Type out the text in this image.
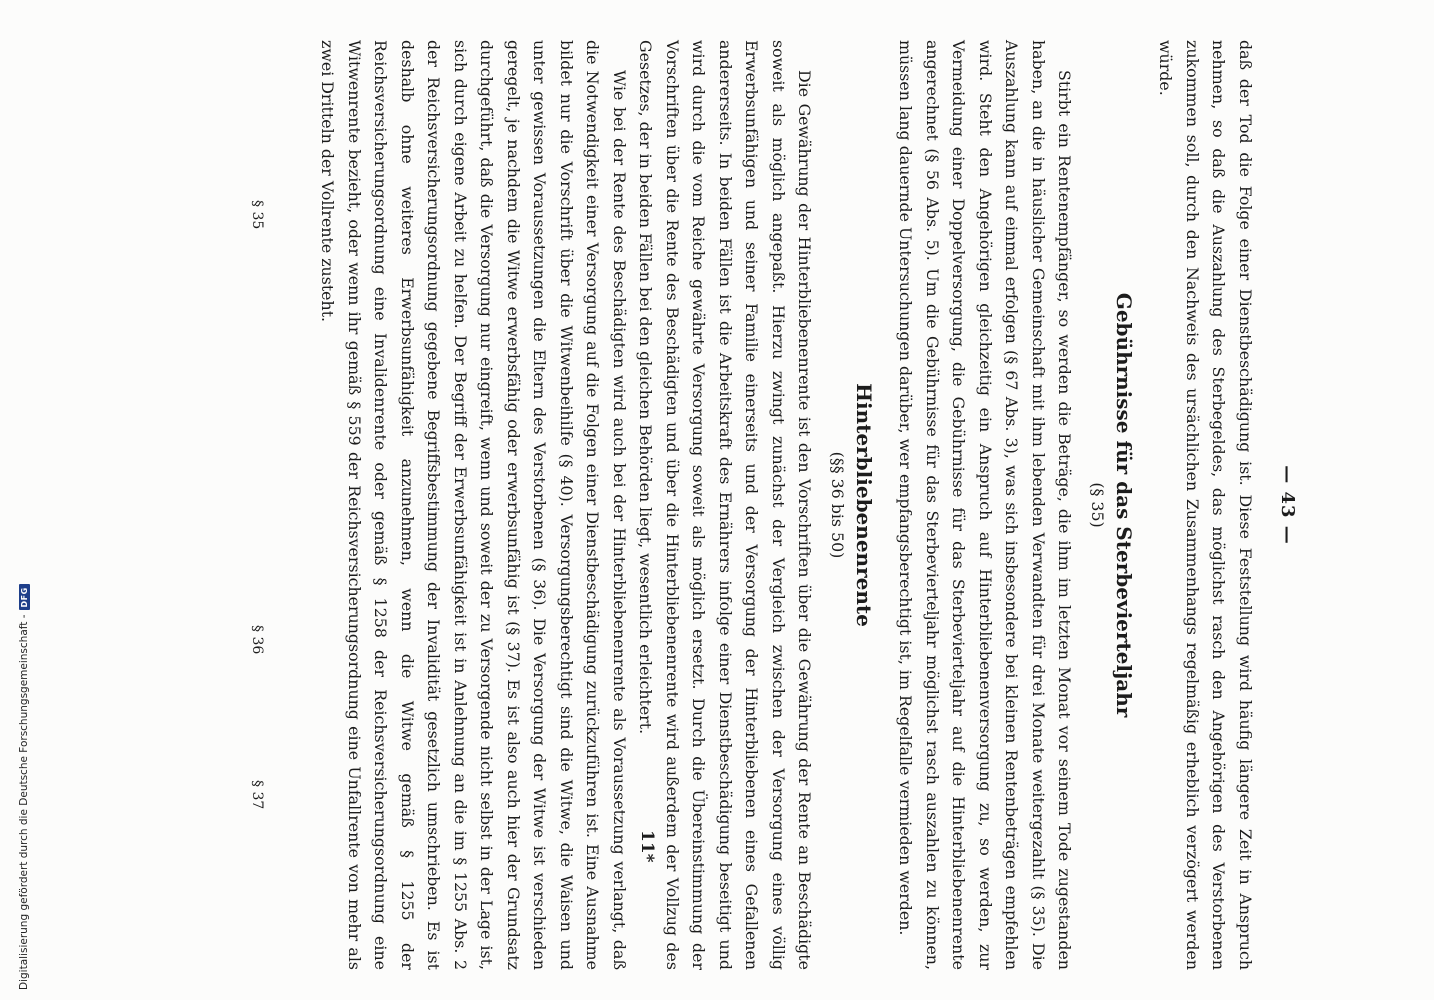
— 43 —

daß der Tod die Folge einer Dienstbeschädigung ist. Diese Feststellung wird häufig längere Zeit in Anspruch nehmen, so daß die Auszahlung des Sterbegeldes, das möglichst rasch den Angehörigen des Verstorbenen zukommen soll, durch den Nachweis des ursächlichen Zusammenhangs regelmäßig erheblich verzögert werden würde.

Gebührnisse für das Sterbevierteljahr
(§ 35)

Stirbt ein Rentenempfänger, so werden die Beträge, die ihm im letzten Monat vor seinem Tode zugestanden haben, an die in häuslicher Gemeinschaft mit ihm lebenden Verwandten für drei Monate weitergezahlt (§ 35). Die Auszahlung kann auf einmal erfolgen (§ 67 Abs. 3), was sich insbesondere bei kleinen Rentenbeträgen empfehlen wird. Steht den Angehörigen gleichzeitig ein Anspruch auf Hinterbliebenenversorgung zu, so werden, zur Vermeidung einer Doppelversorgung, die Gebührnisse für das Sterbevierteljahr auf die Hinterbliebenenrente angerechnet (§ 56 Abs. 5). Um die Gebührnisse für das Sterbevierteljahr möglichst rasch auszahlen zu können, müssen lang dauernde Untersuchungen darüber, wer empfangsberechtigt ist, im Regelfalle vermieden werden.

Hinterbliebenenrente
(§§ 36 bis 50)

Die Gewährung der Hinterbliebenenrente ist den Vorschriften über die Gewährung der Rente an Beschädigte soweit als möglich angepaßt. Hierzu zwingt zunächst der Vergleich zwischen der Versorgung eines völlig Erwerbsunfähigen und seiner Familie einerseits und der Versorgung der Hinterbliebenen eines Gefallenen andererseits. In beiden Fällen ist die Arbeitskraft des Ernährers infolge einer Dienstbeschädigung beseitigt und wird durch die vom Reiche gewährte Versorgung soweit als möglich ersetzt. Durch die Übereinstimmung der Vorschriften über die Rente des Beschädigten und über die Hinterbliebenenrente wird außerdem der Vollzug des Gesetzes, der in beiden Fällen bei den gleichen Behörden liegt, wesentlich erleichtert.

Wie bei der Rente des Beschädigten wird auch bei der Hinterbliebenenrente als Voraussetzung verlangt, daß die Notwendigkeit einer Versorgung auf die Folgen einer Dienstbeschädigung zurückzuführen ist. Eine Ausnahme bildet nur die Vorschrift über die Witwenbeihilfe (§ 40). Versorgungsberechtigt sind die Witwe, die Waisen und unter gewissen Voraussetzungen die Eltern des Verstorbenen (§ 36). Die Versorgung der Witwe ist verschieden geregelt, je nachdem die Witwe erwerbsfähig oder erwerbsunfähig ist (§ 37). Es ist also auch hier der Grundsatz durchgeführt, daß die Versorgung nur eingreift, wenn und soweit der zu Versorgende nicht selbst in der Lage ist, sich durch eigene Arbeit zu helfen. Der Begriff der Erwerbsunfähigkeit ist in Anlehnung an die im § 1255 Abs. 2 der Reichsversicherungsordnung gegebene Begriffsbestimmung der Invalidität gesetzlich umschrieben. Es ist deshalb ohne weiteres Erwerbsunfähigkeit anzunehmen, wenn die Witwe gemäß § 1255 der Reichsversicherungsordnung eine Invalidenrente oder gemäß § 1258 der Reichsversicherungsordnung eine Witwenrente bezieht, oder wenn ihr gemäß § 559 der Reichsversicherungsordnung eine Unfallrente von mehr als zwei Dritteln der Vollrente zusteht.

§ 35
§ 36
§ 37
11*
Digitalisierung gefördert durch die Deutsche Forschungsgemeinschaft -
DFG
